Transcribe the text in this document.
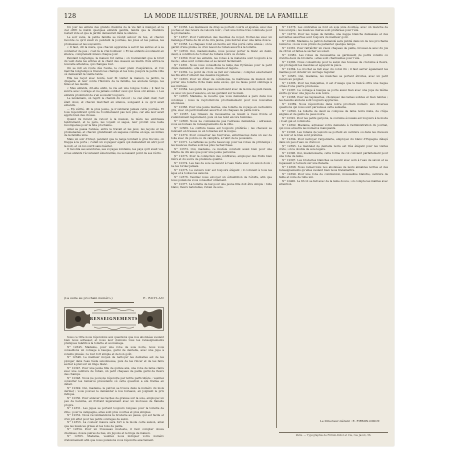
128	LA MODE ILLUSTRÉE, JOURNAL DE LA FAMILLE

Un jour les enfans des grands chemins de la vie fait à manger, et le ciel offrit le matin quelques enfants gentils, tandis que la chambre restait vide et que le jardin demeurait dans le silence.

Le soir venu, la petite famille se réunit autour du feu, et chacun raconte ce qu'il avait vu pendant la journée, les joies et les peines, les promesses et les souvenirs.

« Il faut, dit la mère, que chacun apprenne à servir les autres et à se contenter de peu ; c'est là le vrai bonheur. » Et les enfants écoutaient en silence, comprenant mieux chaque jour.

Pendant longtemps, la maison fut calme ; on n'entendait que le bruit du vent dans les arbres et le chant des oiseaux au matin. Puis arriva la nouvelle attendue, qui changea tout.

On se mit en route dès l'aube, le cœur plein d'espérance, et l'on marcha longtemps à travers les champs et les bois, jusqu'à la petite ville où demeurait la vieille tante.

Elle les reçut avec bonté, leur fit visiter la maison, le jardin, la chapelle, et leur conta l'histoire de la famille, les anciens temps, les fêtes et les deuils.

« Mes enfants, dit-elle enfin, la vie est une longue route ; il faut la suivre avec courage et ne jamais oublier ceux qui nous ont aimés. » Les enfants promirent de s'en souvenir toujours.

Le lendemain, on reprit le chemin du retour ; le ciel était clair, l'air était doux, et chacun marchait en silence, songeant à ce qu'il avait entendu.

— En vérité, dit le plus jeune, je n'oublierai jamais cette journée. Et tous répondirent qu'ils ne l'oublieraient pas non plus, car elle leur avait appris bien des choses.

Quand ils furent de retour à la maison, la mère les embrassa tendrement, et le père, les voyant si sages, leur promit une belle récompense pour la fête prochaine.

Ainsi se passa l'année, entre le travail et les jeux, les leçons et les promenades, et chacun grandissait en sagesse comme en âge, au milieu de la famille unie.

Mais un soir d'hiver, pendant que la neige tombait à gros flocons, on frappa à la porte ; c'était un voyageur égaré qui demandait un abri pour la nuit, et on lui ouvrit sans hésiter.

Il raconta ses aventures, ses voyages lointains, les pays qu'il avait vus, et les enfants l'écoutaient émerveillés, ne se lassant point de ses récits.

(La suite au prochain numéro.)	E. BOYLAN
RENSEIGNEMENTS

Sous ce titre nous répondons aux questions que nos abonnées veulent bien nous adresser, et nous leur donnons tous les renseignements pratiques relatifs à la toilette et au ménage.

N° 12345. Madame, pour une robe de soie noire, nous vous conseillons un corsage à basque, garni de dentelle, avec une jupe à volants plissés ; le tout fort simple et de bon goût.

N° 12346. Le meilleur moyen de nettoyer les dentelles est de les plonger dans l'eau tiède savonneuse, puis de les rincer et de les faire sécher à plat sur un linge blanc.

N° 12347. Pour une jeune fille de quinze ans, une robe de laine claire avec une ceinture de ruban, un petit chapeau de paille garni de fleurs des champs.

N° 12348. Nous ne pouvons répondre par lettre particulière ; veuillez consulter les numéros précédents où cette question a été traitée en détail.

N° 12349. Oui, madame, le patron se trouve dans le numéro du mois dernier ; vous pouvez le demander à nos bureaux, en joignant le prix indiqué.

N° 12350. Pour enlever les taches de graisse sur la soie, employez un peu de benzine, en frottant légèrement avec un morceau de flanelle propre.

N° 12351. Les jupes se portent toujours longues pour la toilette de ville ; pour la campagne, elles sont plus courtes et plus simples.

N° 12352. Nous recommandons la broderie au passé, qui est facile et d'un joli effet pour les petits ouvrages de salon.

N° 12353. La couleur mauve sera fort à la mode cette saison, ainsi que les nuances grises et les tons de paille.

N° 12354. Pour un trousseau modeste, il faut compter douze chemises, douze paires de bas, six jupons et le linge de maison.

N° 12355. Madame, veuillez nous indiquer votre numéro d'abonnement afin que nous puissions vous répondre exactement.

N° 12356. Les manteaux de drap se portent courts et ajustés, avec des poches et des revers de velours noir ; c'est une forme très commode pour la promenade.

N° 12357. Pour l'entretien des meubles de noyer, frottez-les avec un mélange d'huile de lin et de cire jaune, puis lustrez avec une laine douce.

N° 12358. Le chapeau rond en feutre est très porté cette année ; on le garnit d'une plume ou d'un nœud de ruban assorti à la toilette.

N° 12359. Oui, mademoiselle, vous pouvez porter le blanc en demi-deuil, à condition de l'orner de rubans noirs ou violets.

N° 12360. Pour les enfants, les robes à la matelote sont toujours à la mode ; elles sont commodes et se lavent facilement.

N° 12361. Nous vous conseillons la laine des Pyrénées pour le petit châle demandé ; elle est douce, chaude et légère.

N° 12362. Le point de croix se fait sur canevas ; comptez exactement les fils afin d'obtenir des dessins réguliers.

N° 12363. Pour un dîner de cérémonie, la maîtresse de maison doit porter une toilette riche mais sans excès, qui ne fasse point ombrage à ses invitées.

N° 12364. Les gants de peau se nettoient avec de la mie de pain rassis, ou avec un peu d'essence, en les gardant sur la main.

N° 12365. Madame, la recette que vous demandez a paru dans nos colonnes ; nous la reproduirons prochainement pour nos nouvelles abonnées.

N° 12366. Pour une jeune mariée, une toilette de voyage en cachemire gris, avec un petit mantelet assorti et un chapeau de paille noire.

N° 12367. Les rideaux de mousseline se lavent à l'eau froide et s'amidonnent légèrement, puis on les tend encore humides.

N° 12368. Nous ne connaissons pas l'adresse demandée ; adressez-vous au bureau de renseignements de la ville.

N° 12369. La coiffure basse est toujours préférée ; les cheveux se relèvent en tresses ou en torsades sur la nuque.

N° 12370. Pour conserver les fourrures, enfermez-les dans un sac de toile avec du poivre ou du camphre, à l'abri de la poussière.

N° 12371. Le taffetas se porte beaucoup pour les robes de printemps ; les nuances claires sont les plus recherchées.

N° 12372. Oui, madame, ce modèle convient aussi bien pour une fillette de dix ans que pour une jeune personne.

N° 12373. Pour la confection des confitures, employez des fruits bien mûrs et du sucre de première qualité.

N° 12374. Les bas de soie se lavent à l'eau tiède avec un savon doux ; ne les tordez jamais.

N° 12375. Le velours noir est toujours élégant ; il convient à tous les âges et à toutes les saisons.

N° 12376. Veuillez nous envoyer un échantillon de l'étoffe, afin que nous puissions vous conseiller utilement.

N° 12377. La toilette de bal pour une jeune fille doit être simple : tulle blanc, fleurs naturelles, ruban de soie.

N° 12378. Les ombrelles se font en soie unie doublée, avec un manche de bois sculpté ; les nuances claires sont préférées pour l'été.

N° 12379. Pour les repas de famille, une nappe blanche damassée et des serviettes assorties sont toujours du meilleur goût.

N° 12380. Madame, le patron demandé sera publié dans un de nos prochains numéros ; nous vous prions de patienter quelque temps.

N° 12381. Pour rafraîchir un vieux chapeau de paille, brossez-le avec du jus de citron et faites-le sécher au soleil.

N° 12382. Les robes de mousseline se garnissent de petits volants ou d'entre-deux de broderie ; elles sont charmantes pour l'été.

N° 12383. Nous conseillons pour le salon des housses de cretonne à fleurs, qui protègent les meubles et égayent la pièce.

N° 12384. Le crochet se fait avec du coton fin ; il faut serrer également les mailles pour obtenir un ouvrage régulier.

N° 12385. Oui, madame, les manches se portent étroites, avec un petit revers au poignet.

N° 12386. Pour les fiançailles, il est d'usage que le fiancé offre une bague ornée d'une pierre précieuse.

N° 12387. Le corsage à basque se porte aussi bien avec une jupe de même étoffe qu'avec une jupe de soie noire.

N° 12388. Pour les tapisseries, choisissez des laines solides et bien teintes ; les dessins anciens sont toujours appréciés.

N° 12389. Nous répondrons dans notre prochain numéro aux diverses questions qui nous sont parvenues cette semaine.

N° 12390. La toilette de deuil se compose de laine noire mate, de crêpe anglais et de gants de peau noire.

N° 12391. Pour les petits garçons, le costume écossais est toujours à la mode ; il est gai et commode.

N° 12392. Madame, adressez votre demande à l'administration du journal, qui vous enverra les numéros manquants.

N° 12393. Les rubans de velours se portent en ceinture ou dans les cheveux ; le noir et le bleu sont préférés.

N° 12394. Pour nettoyer l'argenterie, employez du blanc d'Espagne délayé dans un peu d'eau ou d'alcool.

N° 12395. Le mantelet de dentelle noire est très élégant pour les visites d'été ; on le double de soie légère.

N° 12396. Oui, mademoiselle, cette forme de col convient parfaitement pour une robe de laine.

N° 12397. Les broderies blanches se lavent avec soin à l'eau de savon et se repassent à l'envers sur une flanelle.

N° 12398. Nous remercions nos abonnées de leurs aimables lettres et des renseignements qu'elles veulent bien nous transmettre.

N° 12399. Pour une robe de communion, mousseline blanche, ceinture de faille et voile de tulle uni.

N° 12400. Le tricot se fait avec de la laine douce ; on compte les mailles avec attention.

Le Directeur-Gérant : E. FIRMIN-DIDOT.
Paris. — Typographie de Firmin-Didot et Cie, rue Jacob, 56.
